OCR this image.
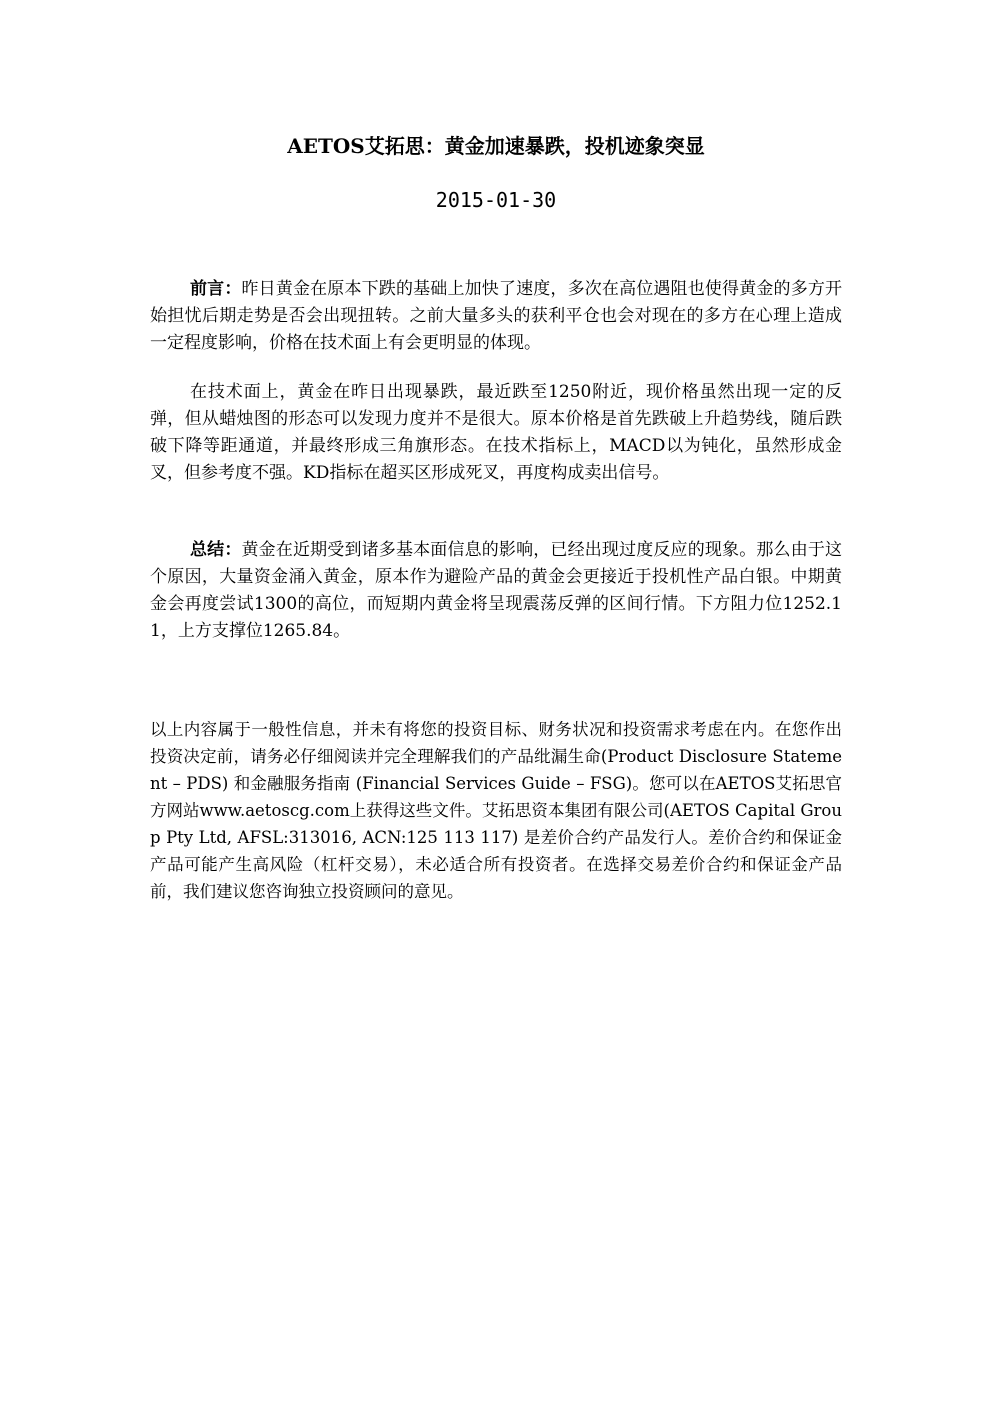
AETOS艾拓思：黄金加速暴跌，投机迹象突显
2015-01-30

前言：昨日黄金在原本下跌的基础上加快了速度，多次在高位遇阻也使得黄金的多方开始担忧后期走势是否会出现扭转。之前大量多头的获利平仓也会对现在的多方在心理上造成一定程度影响，价格在技术面上有会更明显的体现。

在技术面上，黄金在昨日出现暴跌，最近跌至1250附近，现价格虽然出现一定的反弹，但从蜡烛图的形态可以发现力度并不是很大。原本价格是首先跌破上升趋势线，随后跌破下降等距通道，并最终形成三角旗形态。在技术指标上，MACD以为钝化，虽然形成金叉，但参考度不强。KD指标在超买区形成死叉，再度构成卖出信号。

总结：黄金在近期受到诸多基本面信息的影响，已经出现过度反应的现象。那么由于这个原因，大量资金涌入黄金，原本作为避险产品的黄金会更接近于投机性产品白银。中期黄金会再度尝试1300的高位，而短期内黄金将呈现震荡反弹的区间行情。下方阻力位1252.11，上方支撑位1265.84。

以上内容属于一般性信息，并未有将您的投资目标、财务状况和投资需求考虑在内。在您作出投资决定前，请务必仔细阅读并完全理解我们的产品纰漏生命(Product Disclosure Statement – PDS) 和金融服务指南 (Financial Services Guide – FSG)。您可以在AETOS艾拓思官方网站www.aetoscg.com上获得这些文件。艾拓思资本集团有限公司(AETOS Capital Group Pty Ltd, AFSL:313016, ACN:125 113 117) 是差价合约产品发行人。差价合约和保证金产品可能产生高风险（杠杆交易），未必适合所有投资者。在选择交易差价合约和保证金产品前，我们建议您咨询独立投资顾问的意见。
